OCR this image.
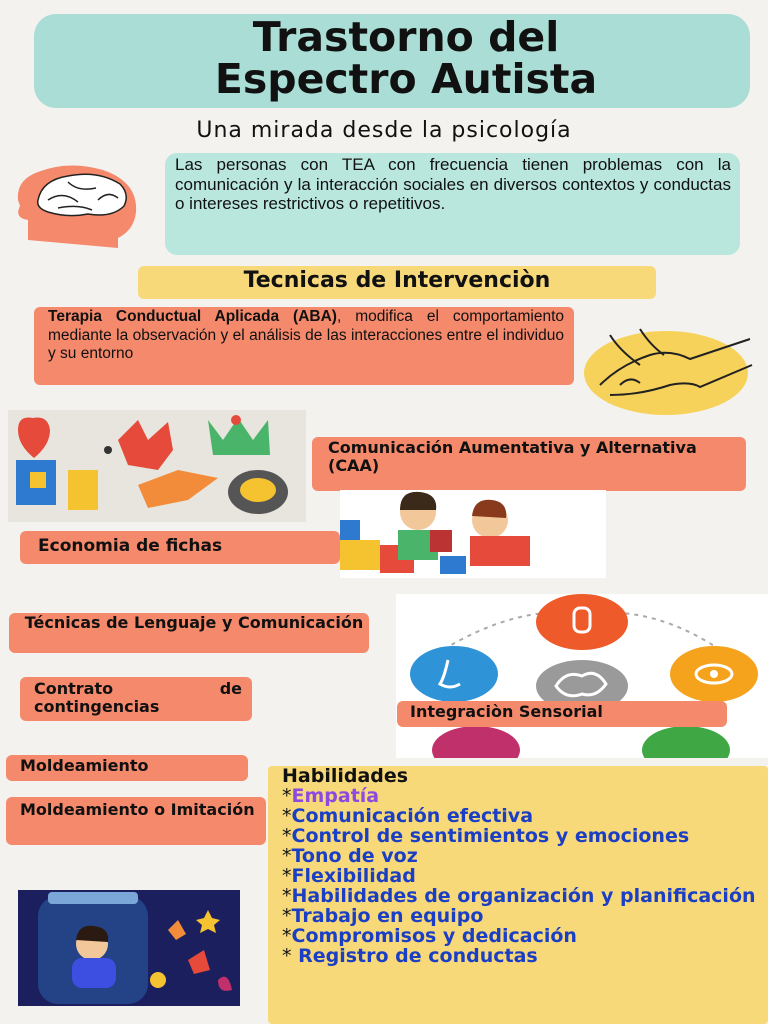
Trastorno del
Espectro Autista
Una mirada desde la psicología
Las personas con TEA con frecuencia tienen problemas con la comunicación y la interacción sociales en diversos contextos y conductas o intereses restrictivos o repetitivos.
Tecnicas de Intervenciòn
Terapia Conductual Aplicada (ABA), modifica el comportamiento mediante la observación y el análisis de las interacciones entre el individuo y su entorno
Comunicación Aumentativa y Alternativa (CAA)
Economia de fichas
Técnicas de Lenguaje y Comunicación
Contrato de contingencias	Integraciòn Sensorial
Moldeamiento
Moldeamiento o Imitación
Habilidades
*Empatía
*Comunicación efectiva
*Control de sentimientos y emociones
*Tono de voz
*Flexibilidad
*Habilidades de organización y planificación
*Trabajo en equipo
*Compromisos y dedicación
* Registro de conductas
